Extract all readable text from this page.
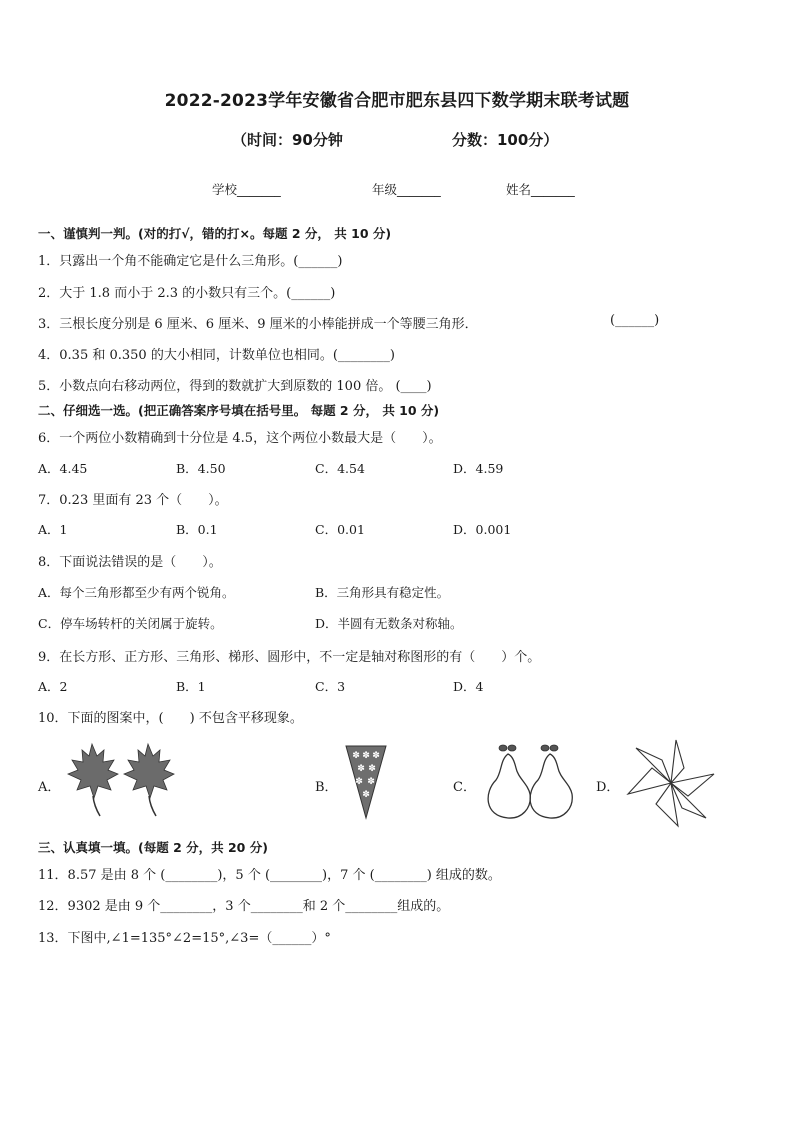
2022-2023学年安徽省合肥市肥东县四下数学期末联考试题
（时间：90分钟	分数：100分）
学校_______	年级_______	姓名_______
一、谨慎判一判。(对的打√，错的打×。每题 2 分， 共 10 分)
1．只露出一个角不能确定它是什么三角形。(______)
2．大于 1.8 而小于 2.3 的小数只有三个。(______)
3．三根长度分别是 6 厘米、6 厘米、9 厘米的小棒能拼成一个等腰三角形．	(______)
4．0.35 和 0.350 的大小相同，计数单位也相同。(________)
5．小数点向右移动两位，得到的数就扩大到原数的 100 倍。 (____)
二、仔细选一选。(把正确答案序号填在括号里。 每题 2 分， 共 10 分)
6．一个两位小数精确到十分位是 4.5，这个两位小数最大是（　　）。
A．4.45	B．4.50	C．4.54	D．4.59
7．0.23 里面有 23 个（　　）。
A．1	B．0.1	C．0.01	D．0.001
8．下面说法错误的是（　　）。
A．每个三角形都至少有两个锐角。	B．三角形具有稳定性。
C．停车场转杆的关闭属于旋转。	D．半圆有无数条对称轴。
9．在长方形、正方形、三角形、梯形、圆形中，不一定是轴对称图形的有（　　）个。
A．2	B．1	C．3	D．4
10．下面的图案中，(　　) 不包含平移现象。
A．	B．
✽ ✽ ✽
✽ ✽
✽ ✽
✽	C．	D．
三、认真填一填。(每题 2 分，共 20 分)
11．8.57 是由 8 个 (________)，5 个 (________)，7 个 (________) 组成的数。
12．9302 是由 9 个________，3 个________和 2 个________组成的。
13．下图中,∠1=135°∠2=15°,∠3=（______）°
